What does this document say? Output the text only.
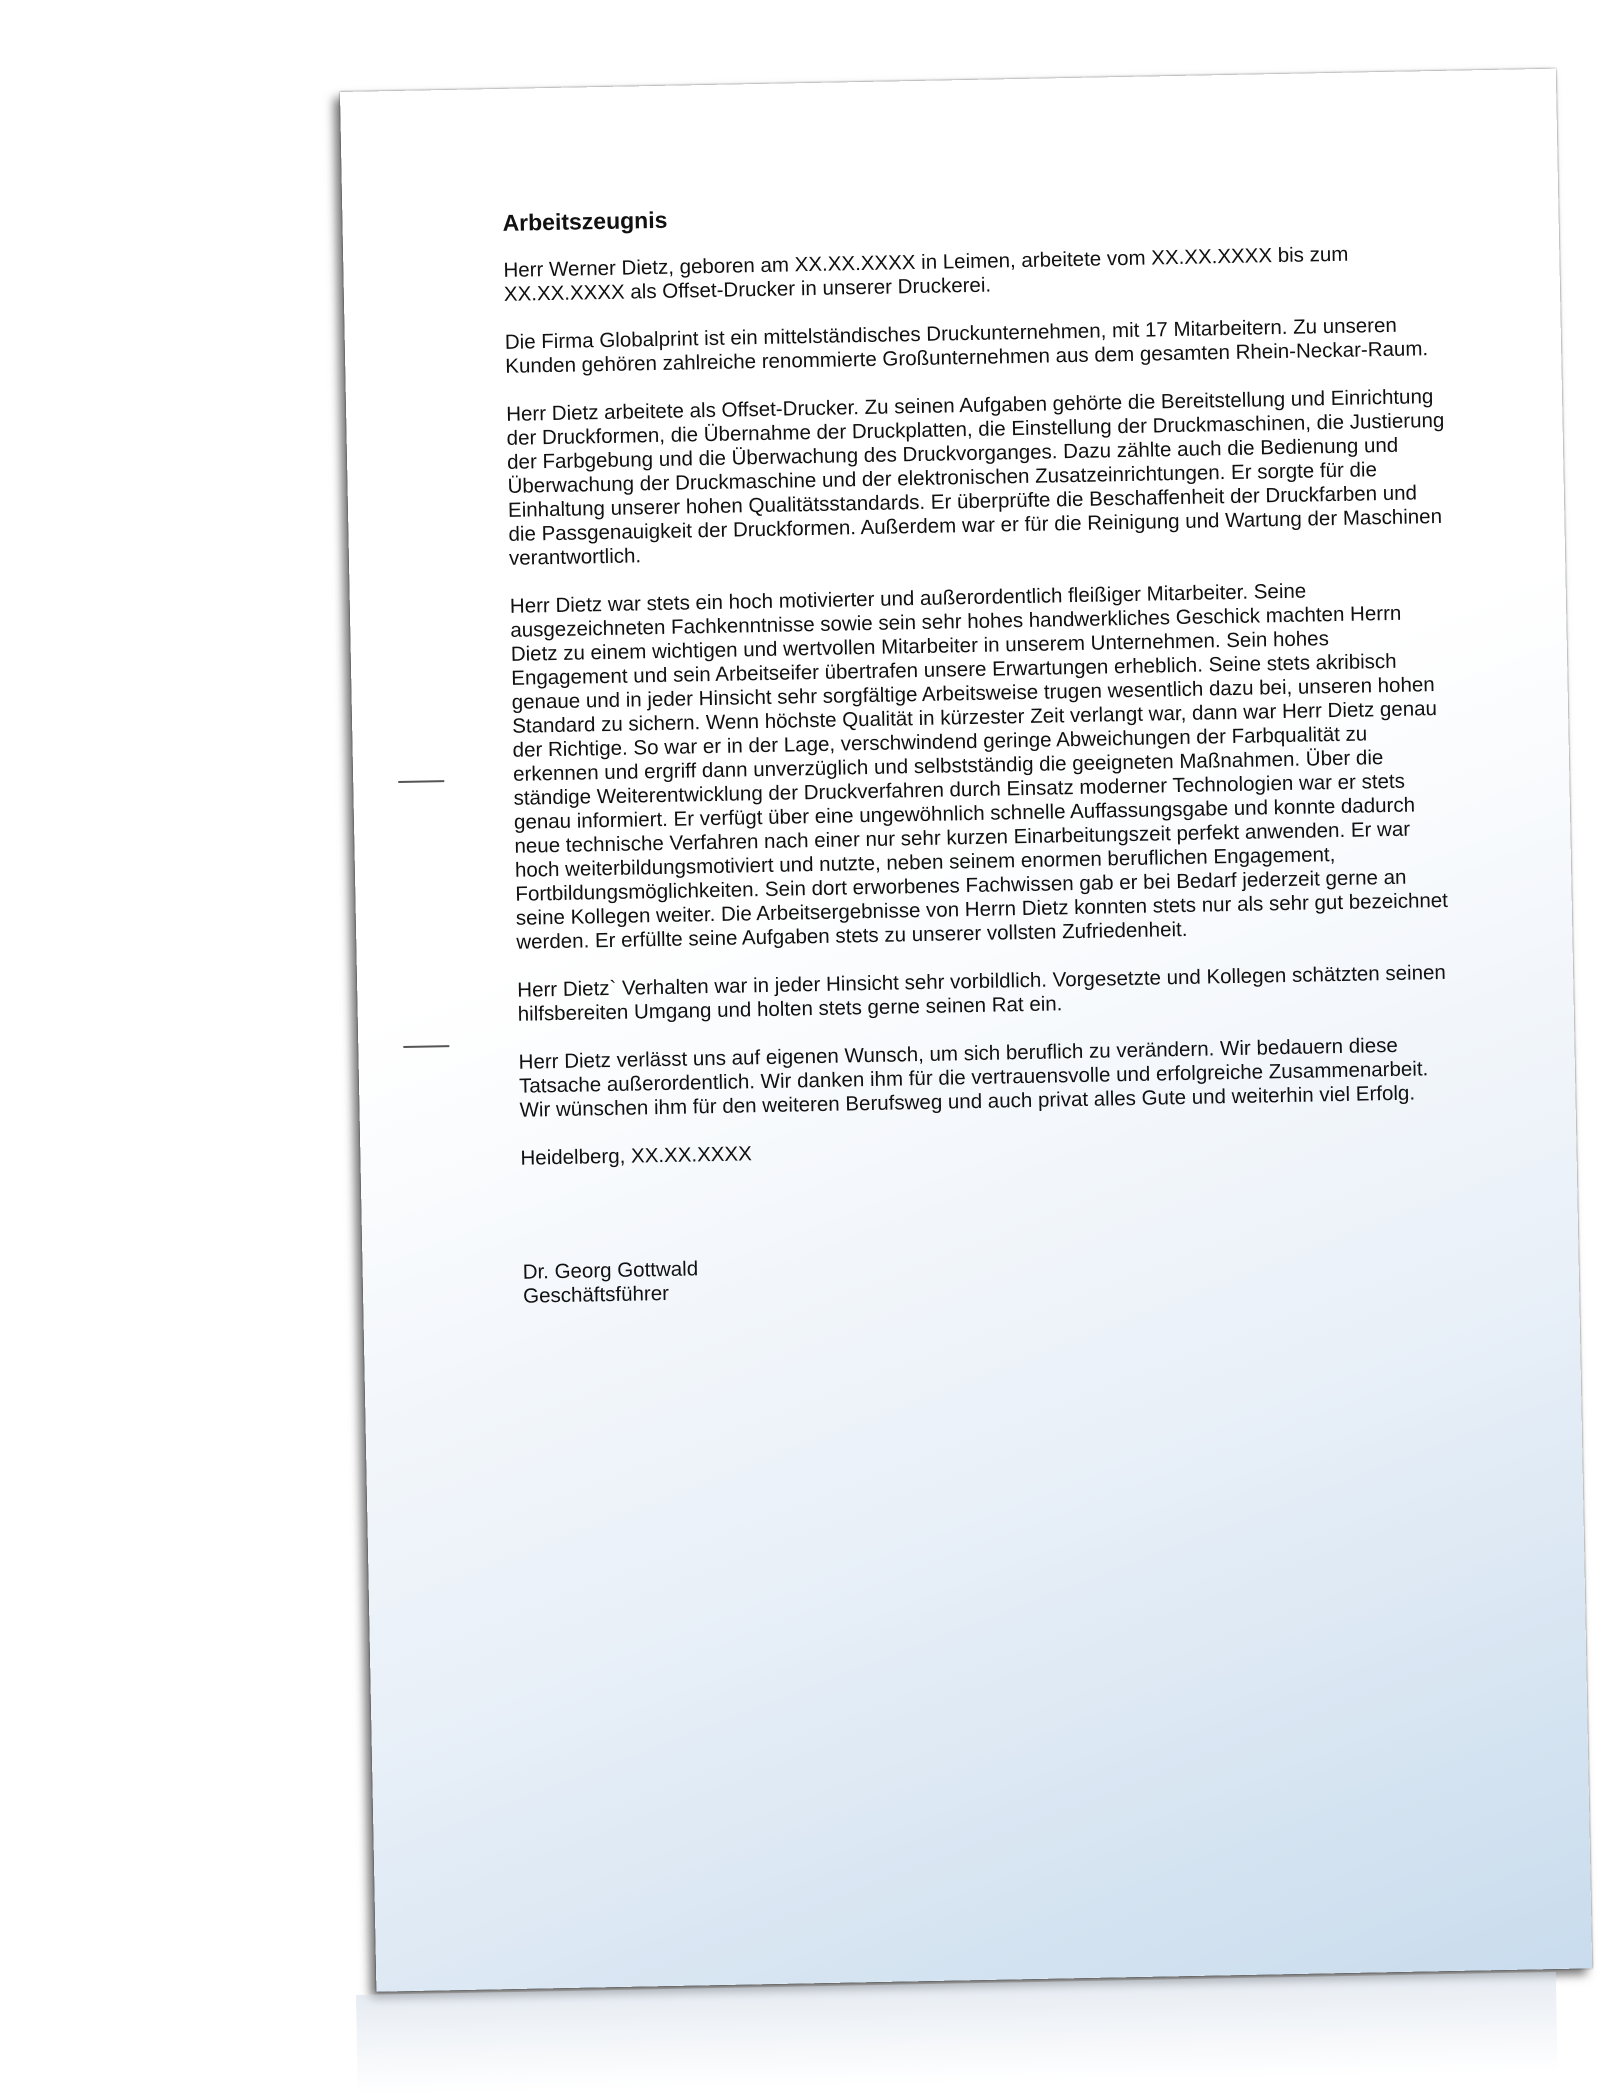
Arbeitszeugnis

Herr Werner Dietz, geboren am XX.XX.XXXX in Leimen, arbeitete vom XX.XX.XXXX bis zum XX.XX.XXXX als Offset-Drucker in unserer Druckerei.

Die Firma Globalprint ist ein mittelständisches Druckunternehmen, mit 17 Mitarbeitern. Zu unseren Kunden gehören zahlreiche renommierte Großunternehmen aus dem gesamten Rhein-Neckar-Raum.

Herr Dietz arbeitete als Offset-Drucker. Zu seinen Aufgaben gehörte die Bereitstellung und Einrichtung der Druckformen, die Übernahme der Druckplatten, die Einstellung der Druckmaschinen, die Justierung der Farbgebung und die Überwachung des Druckvorganges. Dazu zählte auch die Bedienung und Überwachung der Druckmaschine und der elektronischen Zusatzeinrichtungen. Er sorgte für die Einhaltung unserer hohen Qualitätsstandards. Er überprüfte die Beschaffenheit der Druckfarben und die Passgenauigkeit der Druckformen. Außerdem war er für die Reinigung und Wartung der Maschinen verantwortlich.

Herr Dietz war stets ein hoch motivierter und außerordentlich fleißiger Mitarbeiter. Seine ausgezeichneten Fachkenntnisse sowie sein sehr hohes handwerkliches Geschick machten Herrn Dietz zu einem wichtigen und wertvollen Mitarbeiter in unserem Unternehmen. Sein hohes Engagement und sein Arbeitseifer übertrafen unsere Erwartungen erheblich. Seine stets akribisch genaue und in jeder Hinsicht sehr sorgfältige Arbeitsweise trugen wesentlich dazu bei, unseren hohen Standard zu sichern. Wenn höchste Qualität in kürzester Zeit verlangt war, dann war Herr Dietz genau der Richtige. So war er in der Lage, verschwindend geringe Abweichungen der Farbqualität zu erkennen und ergriff dann unverzüglich und selbstständig die geeigneten Maßnahmen. Über die ständige Weiterentwicklung der Druckverfahren durch Einsatz moderner Technologien war er stets genau informiert. Er verfügt über eine ungewöhnlich schnelle Auffassungsgabe und konnte dadurch neue technische Verfahren nach einer nur sehr kurzen Einarbeitungszeit perfekt anwenden. Er war hoch weiterbildungsmotiviert und nutzte, neben seinem enormen beruflichen Engagement, Fortbildungsmöglichkeiten. Sein dort erworbenes Fachwissen gab er bei Bedarf jederzeit gerne an seine Kollegen weiter. Die Arbeitsergebnisse von Herrn Dietz konnten stets nur als sehr gut bezeichnet werden. Er erfüllte seine Aufgaben stets zu unserer vollsten Zufriedenheit.

Herr Dietz` Verhalten war in jeder Hinsicht sehr vorbildlich. Vorgesetzte und Kollegen schätzten seinen hilfsbereiten Umgang und holten stets gerne seinen Rat ein.

Herr Dietz verlässt uns auf eigenen Wunsch, um sich beruflich zu verändern. Wir bedauern diese Tatsache außerordentlich. Wir danken ihm für die vertrauensvolle und erfolgreiche Zusammenarbeit. Wir wünschen ihm für den weiteren Berufsweg und auch privat alles Gute und weiterhin viel Erfolg.

Heidelberg, XX.XX.XXXX

Dr. Georg Gottwald

Geschäftsführer
